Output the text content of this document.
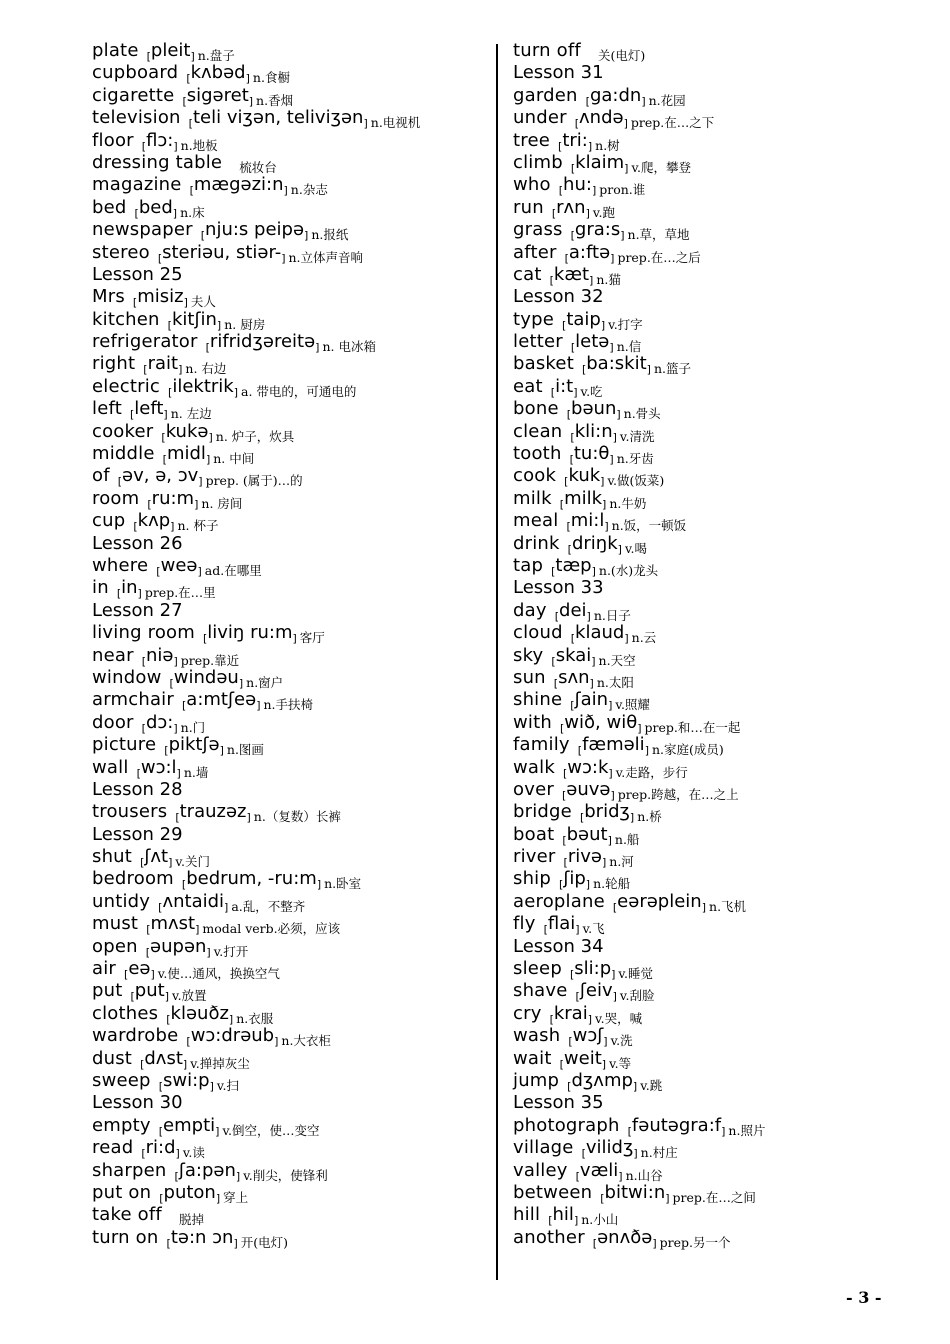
plate $_[$pleit$_]$ $_{n.盘子}$
cupboard $_[$kʌbəd$_]$ $_{n.食橱}$
cigarette $_[$sigəret$_]$ $_{n.香烟}$
television $_[$teli viʒən, teliviʒən$_]$ $_{n.电视机}$
floor $_[flɔ:_]$ $_{n.地板}$
dressing table $_{梳妆台}$
magazine $_[mægəzi:n_]$ $_{n.杂志}$
bed $_[$bed$_]$ $_{n.床}$
newspaper $_[$nju:s peipə$_]$ $_{n.报纸}$
stereo $_[$steriəu, stiər-$_]$ $_{n.立体声音响}$
Lesson 25
Mrs $_[$misiz$_]$ $_{夫人}$
kitchen $_[$kitʃin$_]$ $_{n. 厨房}$
refrigerator $_[$rifridʒəreitə$_]$ $_{n. 电冰箱}$
right $_[$rait$_]$ $_{n. 右边}$
electric $_[$ilektrik$_]$ $_{a. 带电的,可通电的}$
left $_[$left$_]$ $_{n. 左边}$
cooker $_[$kukə$_]$ $_{n. 炉子,炊具}$
middle $_[$midl$_]$ $_{n. 中间}$
of $_[$əv, ə, ɔv$_]$ $_{prep. (属于)\dots 的}$
room $_[ru:m_]$ $_{n. 房间}$
cup $_[$kʌp$_]$ $_{n. 杯子}$
Lesson 26
where $_[$weə$_]$ $_{ad.在哪里}$
in $_[in_]$ $_{prep.在\dots 里}$
Lesson 27
living room $_[$liviŋ $ru:m_]$ $_{客厅}$
near $_[$niə$_]$ $_{prep.靠近}$
window $_[$windəu$_]$ $_{n.窗户}$
armchair $_[$a:mtʃeə$_]$ $_{n.手扶椅}$
door $_[dɔ:_]$ $_{n.门}$
picture $_[$piktʃə$_]$ $_{n.图画}$
wall $_[wɔ:l_]$ $_{n.墙}$
Lesson 28
trousers $_[$trauzəz$_]$ $_{n.(复数)长裤}$
Lesson 29
shut $_[$ʃʌt$_]$ $_{v.关门}$
bedroom $_[$bedrum, $-ru:m_]$ $_{n.卧室}$
untidy $_[$ʌntaidi$_]$ $_{a.乱,不整齐}$
must $_[$mʌst$_]$ $_{modal verb.必须,应该}$
open $_[$əupən$_]$ $_{v.打开}$
air $_[$eə$_]$ $_{v.使\dots 通风,换换空气}$
put $_[$put$_]$ $_{v.放置}$
clothes $_[$kləuðz$_]$ $_{n.衣服}$
wardrobe $_[$wɔ:drəub$_]$ $_{n.大衣柜}$
dust $_[$dʌst$_]$ $_{v.掸掉灰尘}$
sweep $_[swi:p_]$ $_{v.扫}$
Lesson 30
empty $_[$empti$_]$ $_{v.倒空,使\dots 变空}$
read $_[ri:d_]$ $_{v.读}$
sharpen $_[$ʃa:pən$_]$ $_{v.削尖,使锋利}$
put on $_[$puton$_]$ $_{穿上}$
take off $_{脱掉}$
turn on $_[$tə:n ɔn$_]$ $_{开(电灯)}$
turn off $_{关(电灯)}$
Lesson 31
garden $_[ga:dn_]$ $_{n.花园}$
under $_[$ʌndə$_]$ $_{prep.在\dots 之下}$
tree $_[tri:_]$ $_{n.树}$
climb $_[$klaim$_]$ $_{v.爬,攀登}$
who $_[hu:_]$ $_{pron.谁}$
run $_[$rʌn$_]$ $_{v.跑}$
grass $_[gra:s_]$ $_{n.草,草地}$
after $_[$a:ftə$_]$ $_{prep.在\dots 之后}$
cat $_[$kæt$_]$ $_{n.猫}$
Lesson 32
type $_[$taip$_]$ $_{v.打字}$
letter $_[$letə$_]$ $_{n.信}$
basket $_[$ba:skit$_]$ $_{n.篮子}$
eat $_[i:t_]$ $_{v.吃}$
bone $_[$bəun$_]$ $_{n.骨头}$
clean $_[kli:n_]$ $_{v.清洗}$
tooth $_[tu:\theta_]$ $_{n.牙齿}$
cook $_[$kuk$_]$ $_{v.做(饭菜)}$
milk $_[$milk$_]$ $_{n.牛奶}$
meal $_[mi:l_]$ $_{n.饭,一顿饭}$
drink $_[$driŋk$_]$ $_{v.喝}$
tap $_[$tæp$_]$ $_{n.(水)龙头}$
Lesson 33
day $_[$dei$_]$ $_{n.日子}$
cloud $_[$klaud$_]$ $_{n.云}$
sky $_[$skai$_]$ $_{n.天空}$
sun $_[$sʌn$_]$ $_{n.太阳}$
shine $_[$ʃain$_]$ $_{v.照耀}$
with $_[$wið, wiθ$_]$ $_{prep.和\dots 在一起}$
family $_[$fæməli$_]$ $_{n.家庭(成员)}$
walk $_[wɔ:k_]$ $_{v.走路,步行}$
over $_[$əuvə$_]$ $_{prep.跨越,在\dots 之上}$
bridge $_[$bridʒ$_]$ $_{n.桥}$
boat $_[$bəut$_]$ $_{n.船}$
river $_[$rivə$_]$ $_{n.河}$
ship $_[$ʃip$_]$ $_{n.轮船}$
aeroplane $_[$eərəplein$_]$ $_{n.飞机}$
fly $_[$flai$_]$ $_{v.飞}$
Lesson 34
sleep $_[sli:p_]$ $_{v.睡觉}$
shave $_[$ʃeiv$_]$ $_{v.刮脸}$
cry $_[$krai$_]$ $_{v.哭,喊}$
wash $_[$wɔʃ$_]$ $_{v.洗}$
wait $_[$weit$_]$ $_{v.等}$
jump $_[$dʒʌmp$_]$ $_{v.跳}$
Lesson 35
photograph $_[fəutəgra:f_]$ $_{n.照片}$
village $_[$vilidʒ$_]$ $_{n.村庄}$
valley $_[$væli$_]$ $_{n.山谷}$
between $_[bitwi:n_]$ $_{prep.在\dots 之间}$
hill $_[$hil$_]$ $_{n.小山}$
another $_[$ənʌðə$_]$ $_{prep.另一个}$
- 3 -
